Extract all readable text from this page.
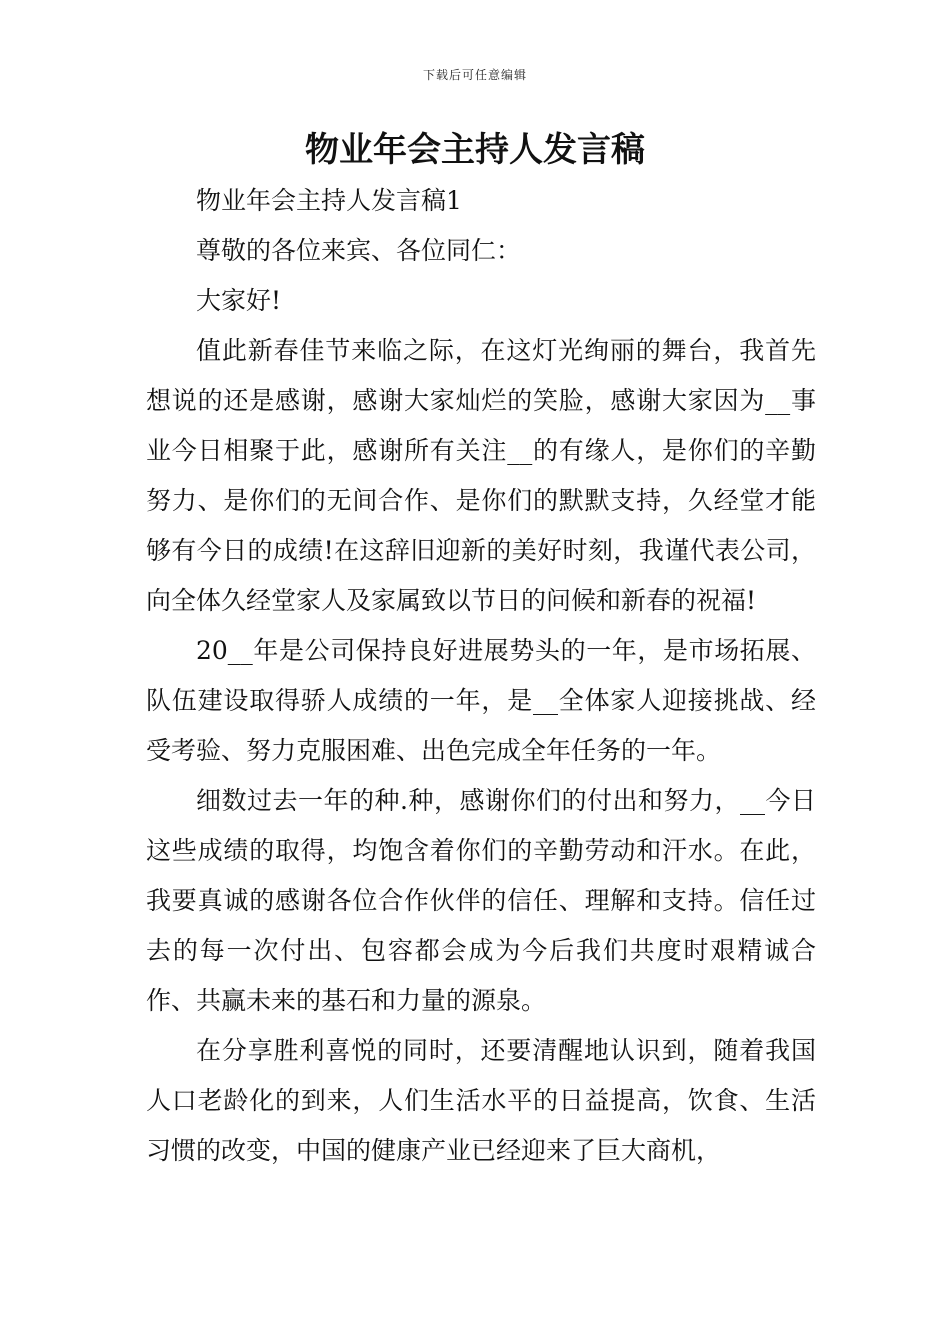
下载后可任意编辑
物业年会主持人发言稿

物业年会主持人发言稿1

尊敬的各位来宾、各位同仁：

大家好!

值此新春佳节来临之际，在这灯光绚丽的舞台，我首先想说的还是感谢，感谢大家灿烂的笑脸，感谢大家因为__事业今日相聚于此，感谢所有关注__的有缘人，是你们的辛勤努力、是你们的无间合作、是你们的默默支持，久经堂才能够有今日的成绩!在这辞旧迎新的美好时刻，我谨代表公司，向全体久经堂家人及家属致以节日的问候和新春的祝福!

20__年是公司保持良好进展势头的一年，是市场拓展、队伍建设取得骄人成绩的一年，是__全体家人迎接挑战、经受考验、努力克服困难、出色完成全年任务的一年。

细数过去一年的种.种，感谢你们的付出和努力，__今日这些成绩的取得，均饱含着你们的辛勤劳动和汗水。在此，我要真诚的感谢各位合作伙伴的信任、理解和支持。信任过去的每一次付出、包容都会成为今后我们共度时艰精诚合作、共赢未来的基石和力量的源泉。

在分享胜利喜悦的同时，还要清醒地认识到，随着我国人口老龄化的到来，人们生活水平的日益提高，饮食、生活习惯的改变，中国的健康产业已经迎来了巨大商机，
